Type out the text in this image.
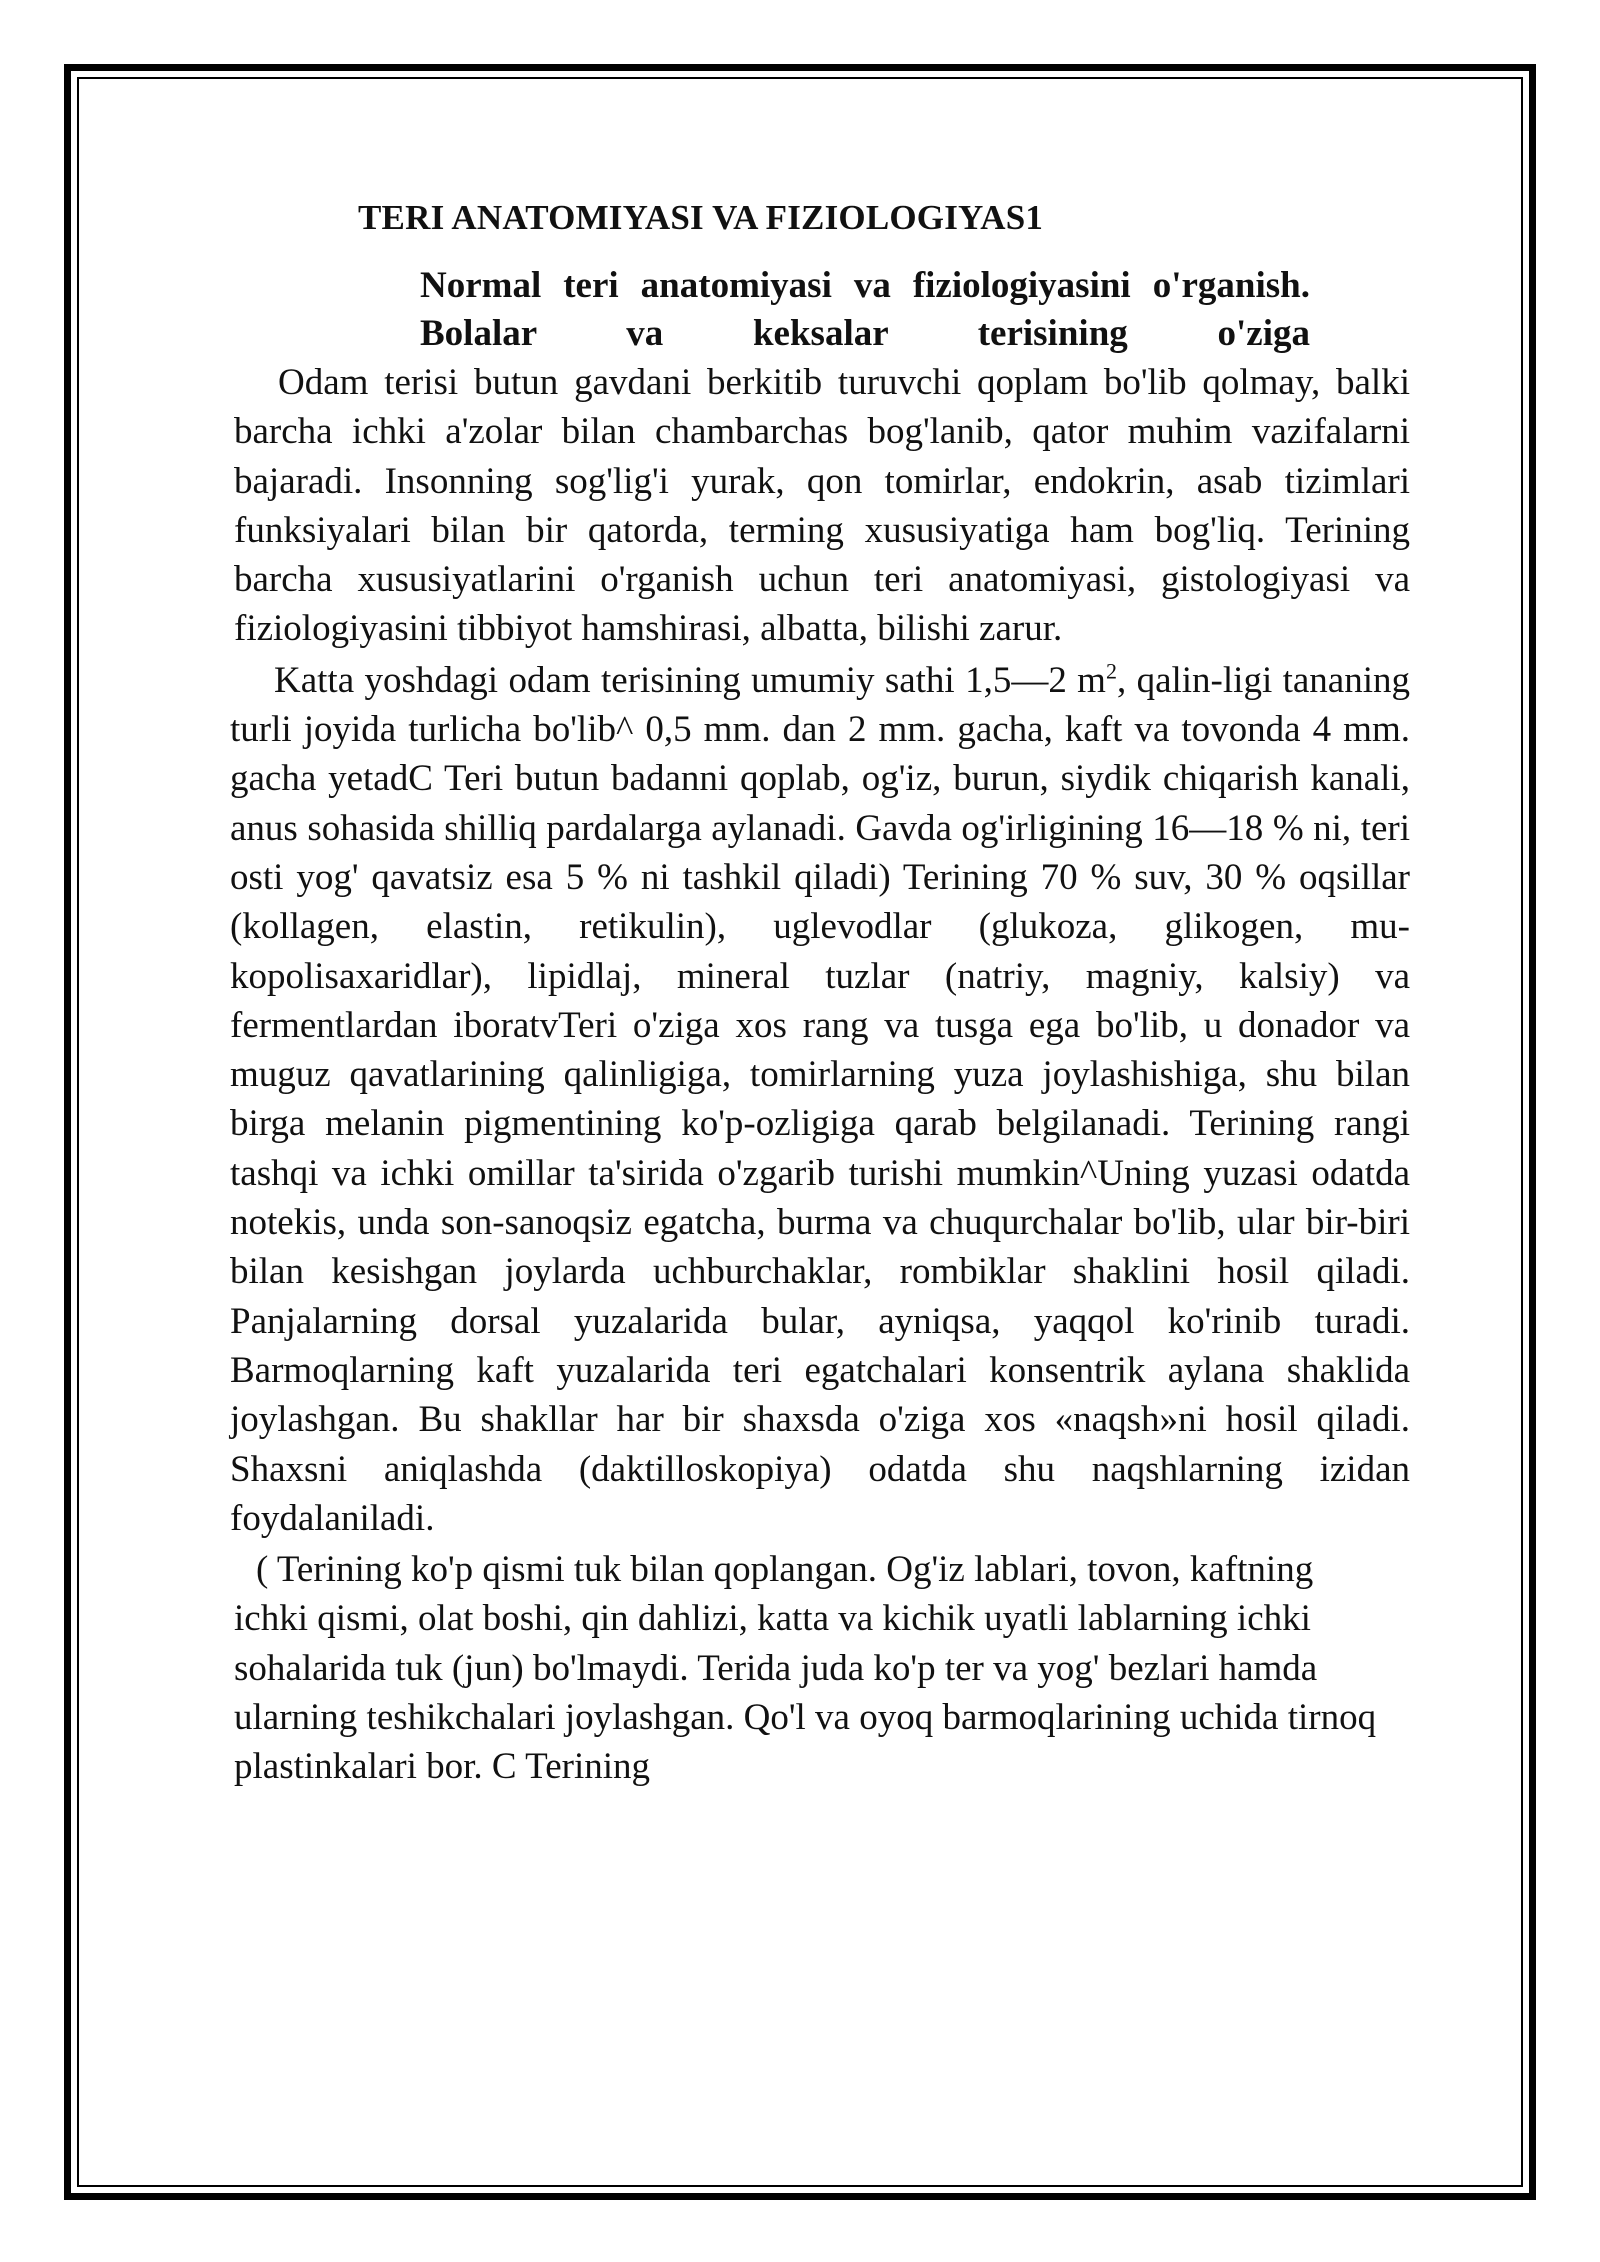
TERI ANATOMIYASI VA FIZIOLOGIYAS1
Normal teri anatomiyasi va fiziologiyasini o'rganish. Bolalar va keksalar terisining o'ziga

Odam terisi butun gavdani berkitib turuvchi qoplam bo'lib qolmay, balki barcha ichki a'zolar bilan chambarchas bog'lanib, qator muhim vazifalarni bajaradi. Insonning sog'lig'i yurak, qon tomirlar, endokrin, asab tizimlari funksiyalari bilan bir qatorda, terming xususiyatiga ham bog'liq. Terining barcha xususiyatlarini o'rganish uchun teri anatomiyasi, gistologiyasi va fiziologiyasini tibbiyot hamshirasi, albatta, bilishi zarur.

Katta yoshdagi odam terisining umumiy sathi 1,5—2 $m^2$, qalin-ligi tananing turli joyida turlicha bo'lib^ 0,5 mm. dan 2 mm. gacha, kaft va tovonda 4 mm. gacha yetadC Teri butun badanni qoplab, og'iz, burun, siydik chiqarish kanali, anus sohasida shilliq pardalarga aylanadi. Gavda og'irligining 16—18 % ni, teri osti yog' qavatsiz esa 5 % ni tashkil qiladi) Terining 70 % suv, 30 % oqsillar (kollagen, elastin, retikulin), uglevodlar (glukoza, glikogen, mu-kopolisaxaridlar), lipidlaj, mineral tuzlar (natriy, magniy, kalsiy) va fermentlardan iboratvTeri o'ziga xos rang va tusga ega bo'lib, u donador va muguz qavatlarining qalinligiga, tomirlarning yuza joylashishiga, shu bilan birga melanin pigmentining ko'p-ozligiga qarab belgilanadi. Terining rangi tashqi va ichki omillar ta'sirida o'zgarib turishi mumkin^Uning yuzasi odatda notekis, unda son-sanoqsiz egatcha, burma va chuqurchalar bo'lib, ular bir-biri bilan kesishgan joylarda uchburchaklar, rombiklar shaklini hosil qiladi. Panjalarning dorsal yuzalarida bular, ayniqsa, yaqqol ko'rinib turadi. Barmoqlarning kaft yuzalarida teri egatchalari konsentrik aylana shaklida joylashgan. Bu shakllar har bir shaxsda o'ziga xos «naqsh»ni hosil qiladi. Shaxsni aniqlashda (daktilloskopiya) odatda shu naqshlarning izidan foydalaniladi.

( Terining ko'p qismi tuk bilan qoplangan. Og'iz lablari, tovon, kaftning ichki qismi, olat boshi, qin dahlizi, katta va kichik uyatli lablarning ichki sohalarida tuk (jun) bo'lmaydi. Terida juda ko'p ter va yog' bezlari hamda ularning teshikchalari joylashgan. Qo'l va oyoq barmoqlarining uchida tirnoq plastinkalari bor. C Terining
